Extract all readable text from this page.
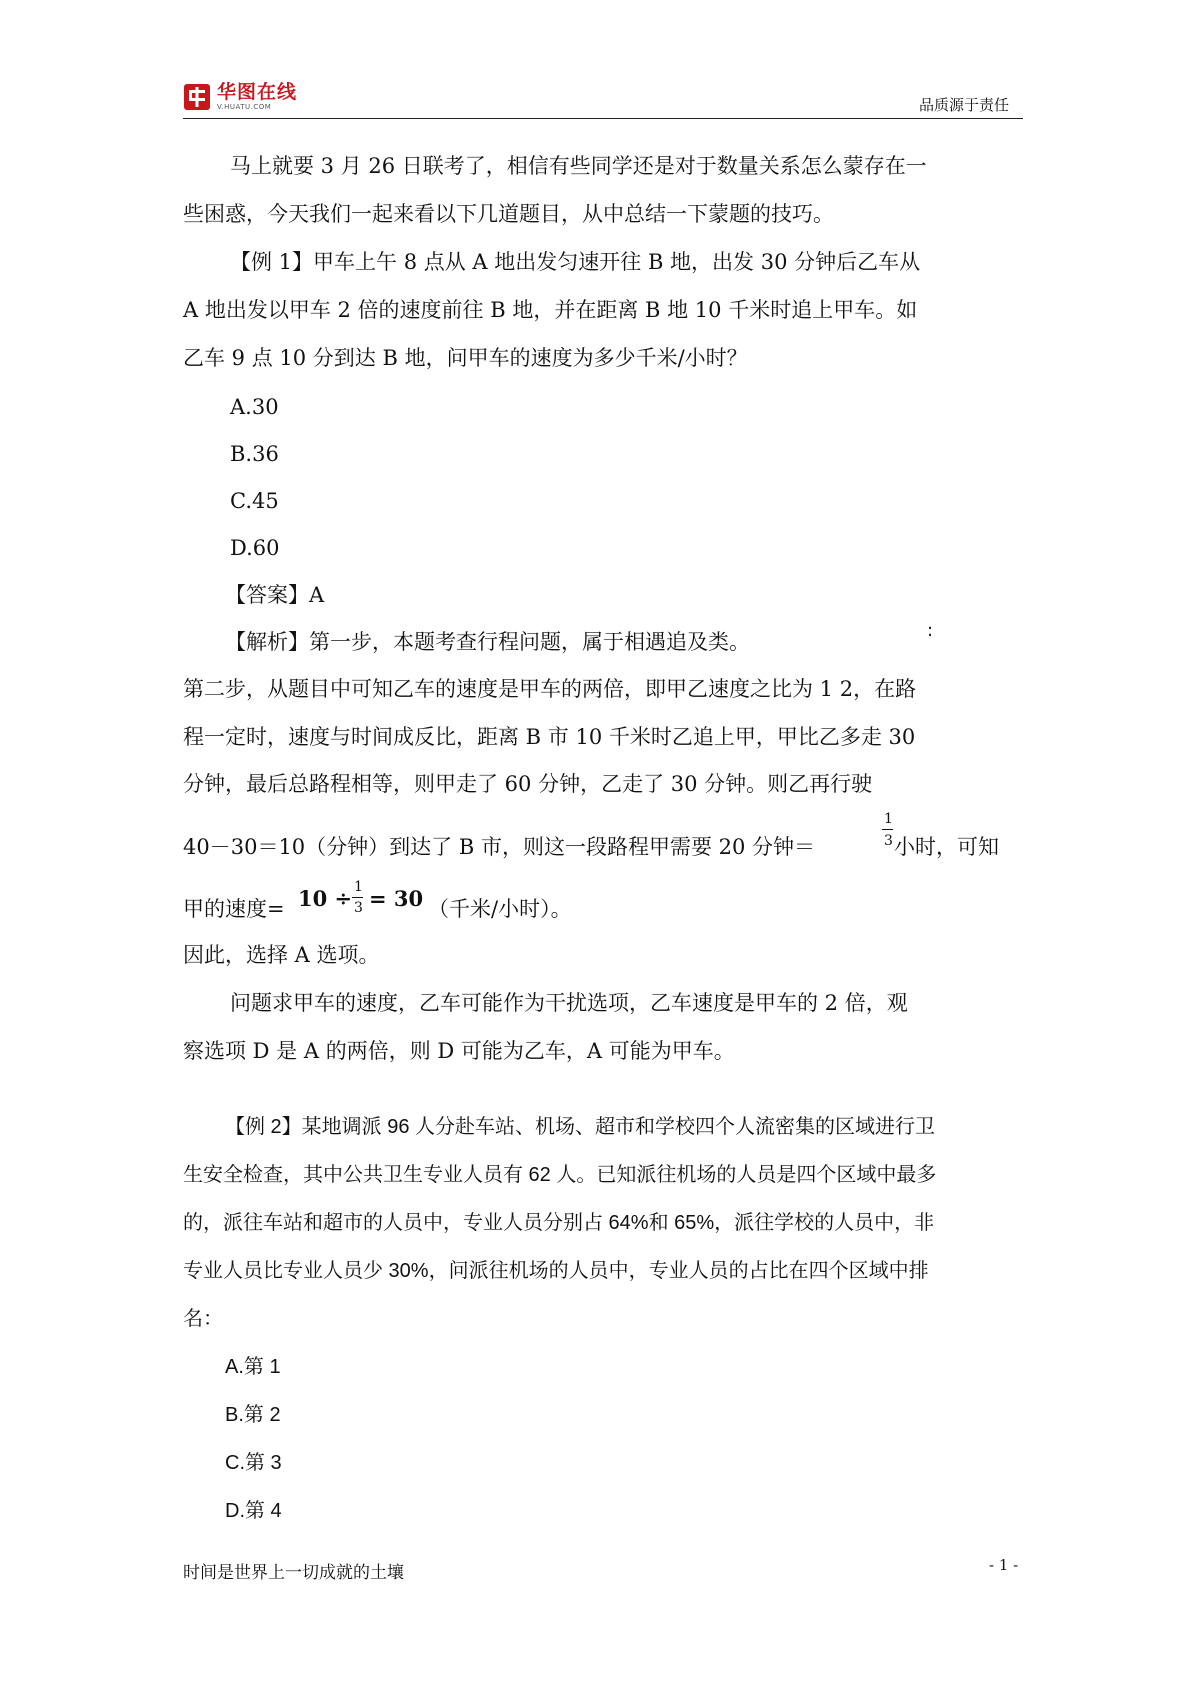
华图在线
V.HUATU.COM	品质源于责任
马上就要 3 月 26 日联考了，相信有些同学还是对于数量关系怎么蒙存在一
些困惑，今天我们一起来看以下几道题目，从中总结一下蒙题的技巧。
【例 1】甲车上午 8 点从 A 地出发匀速开往 B 地，出发 30 分钟后乙车从
A 地出发以甲车 2 倍的速度前往 B 地，并在距离 B 地 10 千米时追上甲车。如
乙车 9 点 10 分到达 B 地，问甲车的速度为多少千米/小时？
A.30
B.36
C.45
D.60
【答案】A
【解析】第一步，本题考查行程问题，属于相遇追及类。	:
第二步，从题目中可知乙车的速度是甲车的两倍，即甲乙速度之比为 1 2，在路
程一定时，速度与时间成反比，距离 B 市 10 千米时乙追上甲，甲比乙多走 30
分钟，最后总路程相等，则甲走了 60 分钟，乙走了 30 分钟。则乙再行驶
40－30＝10（分钟）到达了 B 市，则这一段路程甲需要 20 分钟＝
1
3 小时，可知
甲的速度= 10 ÷ 1
3 = 30 （千米/小时）。
因此，选择 A 选项。
问题求甲车的速度，乙车可能作为干扰选项，乙车速度是甲车的 2 倍，观
察选项 D 是 A 的两倍，则 D 可能为乙车，A 可能为甲车。
【例 2】某地调派 96 人分赴车站、机场、超市和学校四个人流密集的区域进行卫
生安全检查，其中公共卫生专业人员有 62 人。已知派往机场的人员是四个区域中最多
的，派往车站和超市的人员中，专业人员分别占 64%和 65%，派往学校的人员中，非
专业人员比专业人员少 30%，问派往机场的人员中，专业人员的占比在四个区域中排
名：
A.第 1
B.第 2
C.第 3
D.第 4
时间是世界上一切成就的土壤	- 1 -
